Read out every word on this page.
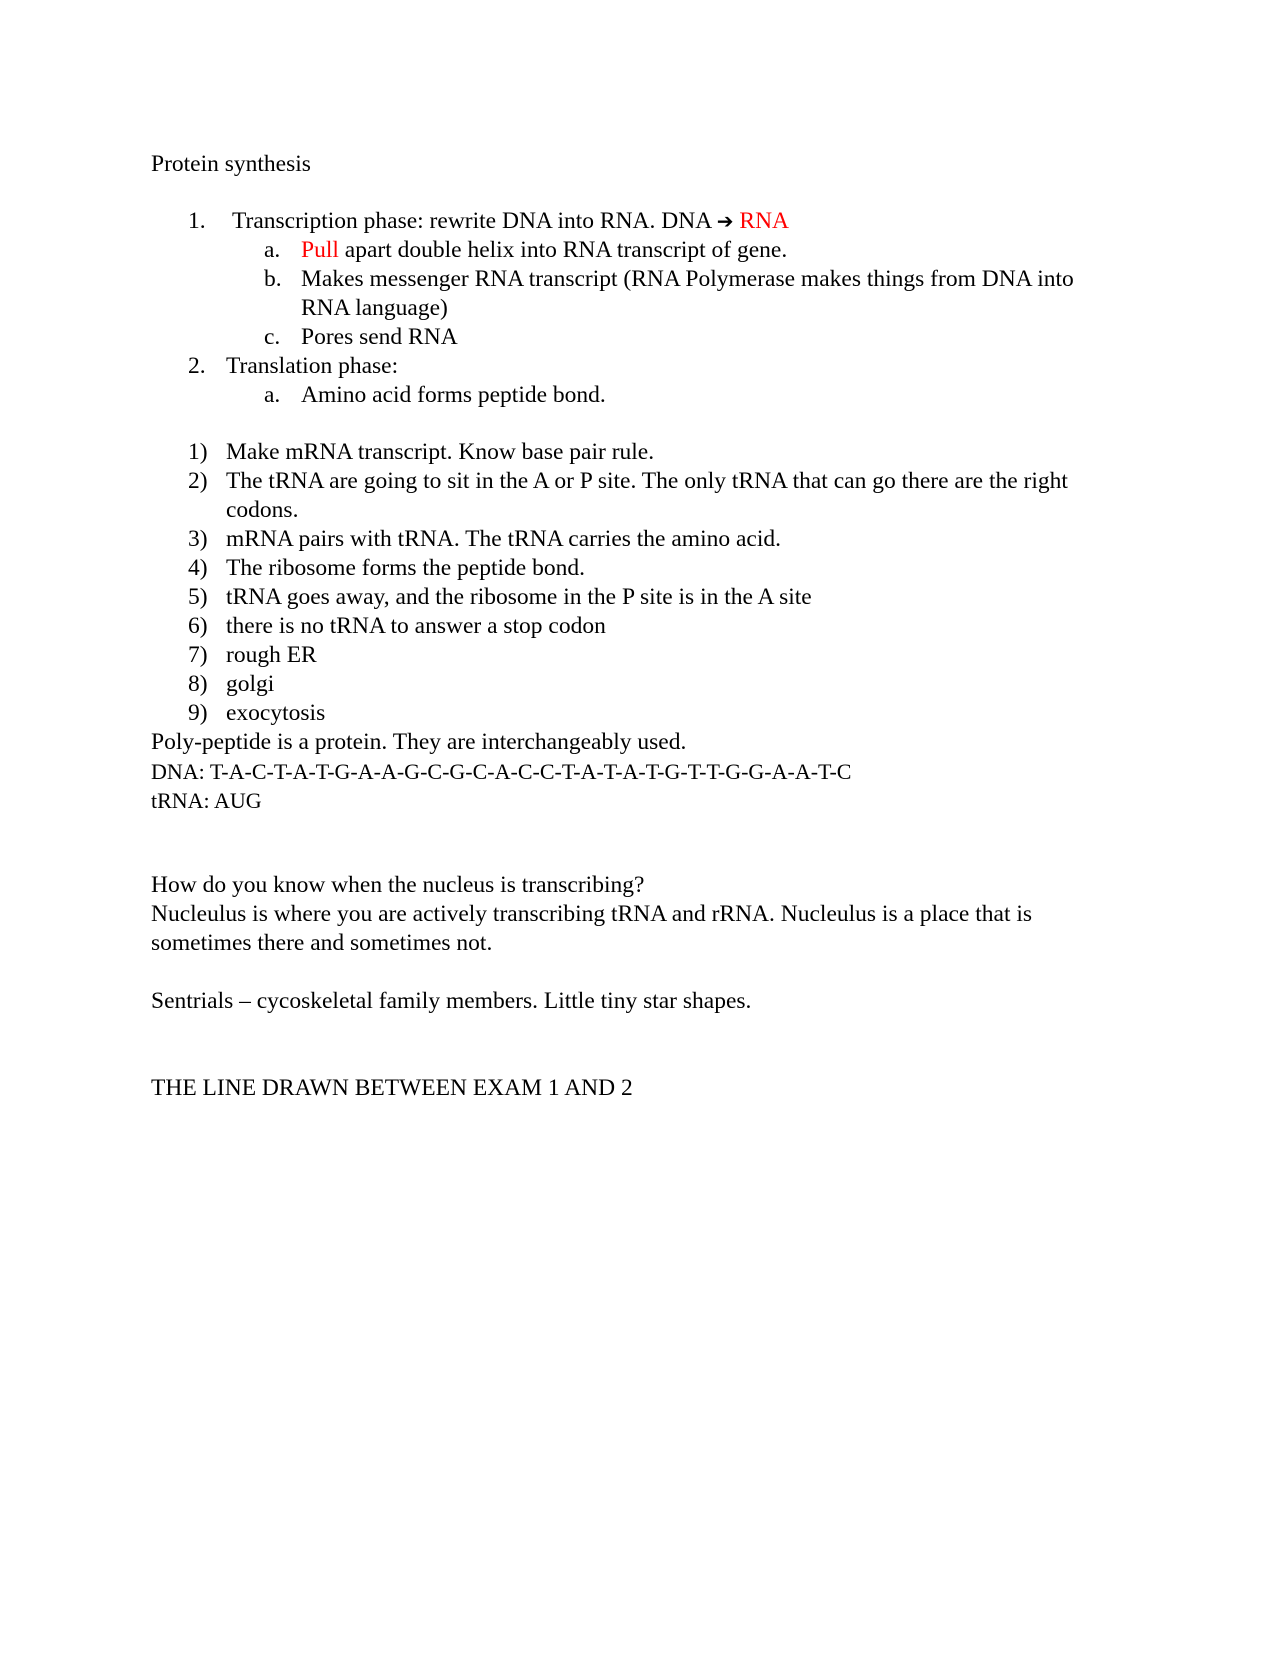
Protein synthesis
1.	Transcription phase: rewrite DNA into RNA. DNA ➔ RNA
a. Pull apart double helix into RNA transcript of gene.
b. Makes messenger RNA transcript (RNA Polymerase makes things from DNA into RNA language)
c. Pores send RNA
2. Translation phase:
a. Amino acid forms peptide bond.
1) Make mRNA transcript. Know base pair rule.
2) The tRNA are going to sit in the A or P site. The only tRNA that can go there are the right codons.
3) mRNA pairs with tRNA. The tRNA carries the amino acid.
4) The ribosome forms the peptide bond.
5) tRNA goes away, and the ribosome in the P site is in the A site
6) there is no tRNA to answer a stop codon
7) rough ER
8) golgi
9) exocytosis
Poly-peptide is a protein. They are interchangeably used.
DNA: T-A-C-T-A-T-G-A-A-G-C-G-C-A-C-C-T-A-T-A-T-G-T-T-G-G-A-A-T-C
tRNA: AUG
How do you know when the nucleus is transcribing?
Nucleulus is where you are actively transcribing tRNA and rRNA. Nucleulus is a place that is sometimes there and sometimes not.
Sentrials – cycoskeletal family members. Little tiny star shapes.
THE LINE DRAWN BETWEEN EXAM 1 AND 2
